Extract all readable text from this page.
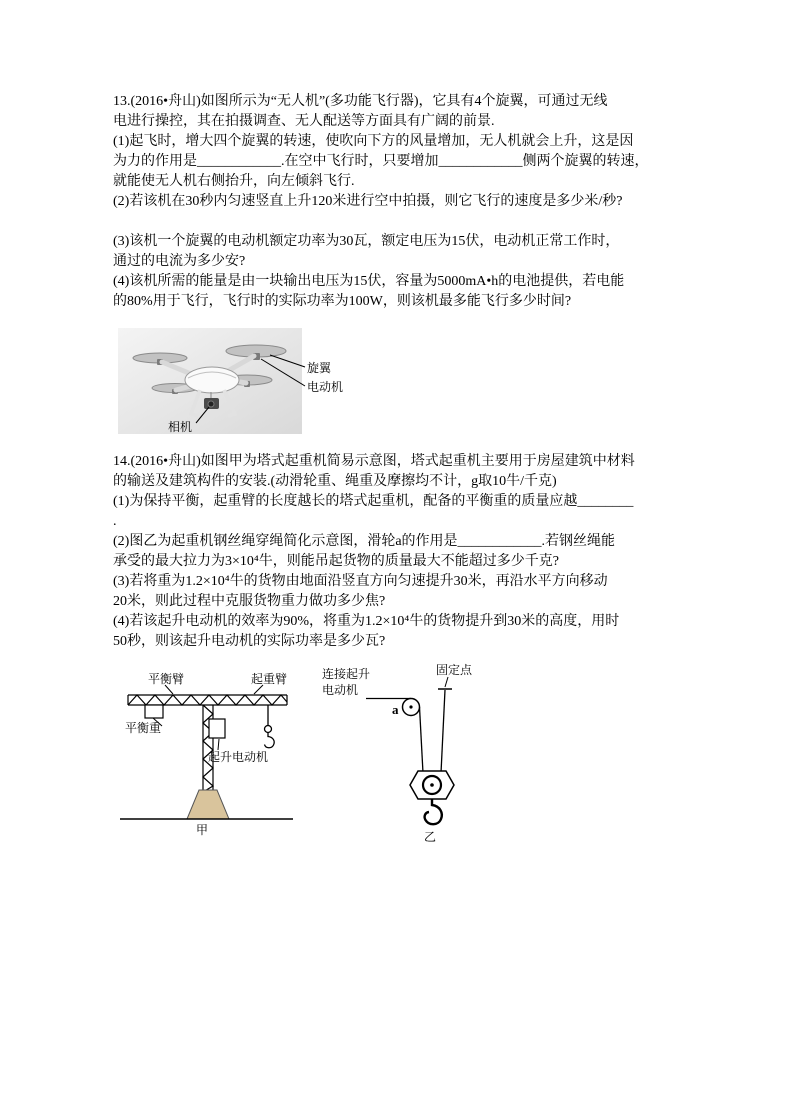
13.(2016•舟山)如图所示为“无人机”(多功能飞行器)，它具有4个旋翼，可通过无线
电进行操控，其在拍摄调查、无人配送等方面具有广阔的前景.
(1)起飞时，增大四个旋翼的转速，使吹向下方的风量增加，无人机就会上升，这是因
为力的作用是____________.在空中飞行时，只要增加____________侧两个旋翼的转速，
就能使无人机右侧抬升，向左倾斜飞行.
(2)若该机在30秒内匀速竖直上升120米进行空中拍摄，则它飞行的速度是多少米/秒?
(3)该机一个旋翼的电动机额定功率为30瓦，额定电压为15伏，电动机正常工作时，
通过的电流为多少安?
(4)该机所需的能量是由一块输出电压为15伏，容量为5000mA•h的电池提供，若电能
的80%用于飞行，飞行时的实际功率为100W，则该机最多能飞行多少时间?
旋翼
电动机
相机
14.(2016•舟山)如图甲为塔式起重机简易示意图，塔式起重机主要用于房屋建筑中材料
的输送及建筑构件的安装.(动滑轮重、绳重及摩擦均不计，g取10牛/千克)
(1)为保持平衡，起重臂的长度越长的塔式起重机，配备的平衡重的质量应越________
.
(2)图乙为起重机钢丝绳穿绳简化示意图，滑轮a的作用是____________.若钢丝绳能
承受的最大拉力为3×10⁴牛，则能吊起货物的质量最大不能超过多少千克?
(3)若将重为1.2×10⁴牛的货物由地面沿竖直方向匀速提升30米，再沿水平方向移动
20米，则此过程中克服货物重力做功多少焦?
(4)若该起升电动机的效率为90%，将重为1.2×10⁴牛的货物提升到30米的高度，用时
50秒，则该起升电动机的实际功率是多少瓦?
平衡臂	起重臂
平衡重
起升电动机
甲
连接起升
电动机
固定点
a
乙
